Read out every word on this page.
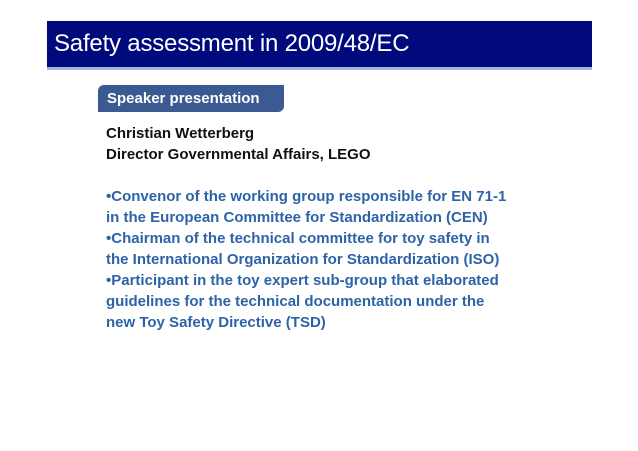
Safety assessment in 2009/48/EC
Speaker presentation
Christian Wetterberg
Director Governmental Affairs, LEGO
•Convenor of the working group responsible for EN 71-1
in the European Committee for Standardization (CEN)
•Chairman of the technical committee for toy safety in
the International Organization for Standardization (ISO)
•Participant in the toy expert sub-group that elaborated
guidelines for the technical documentation under the
new Toy Safety Directive (TSD)
